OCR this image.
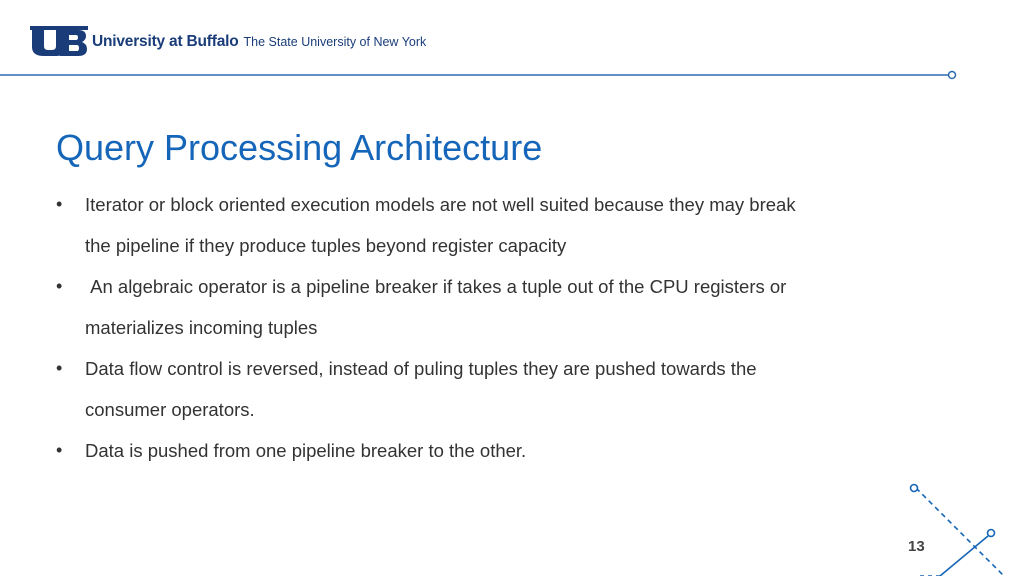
University at Buffalo The State University of New York
Query Processing Architecture
• Iterator or block oriented execution models are not well suited because they may break the pipeline if they produce tuples beyond register capacity
• An algebraic operator is a pipeline breaker if takes a tuple out of the CPU registers or materializes incoming tuples
• Data flow control is reversed, instead of puling tuples they are pushed towards the consumer operators.
• Data is pushed from one pipeline breaker to the other.
13
